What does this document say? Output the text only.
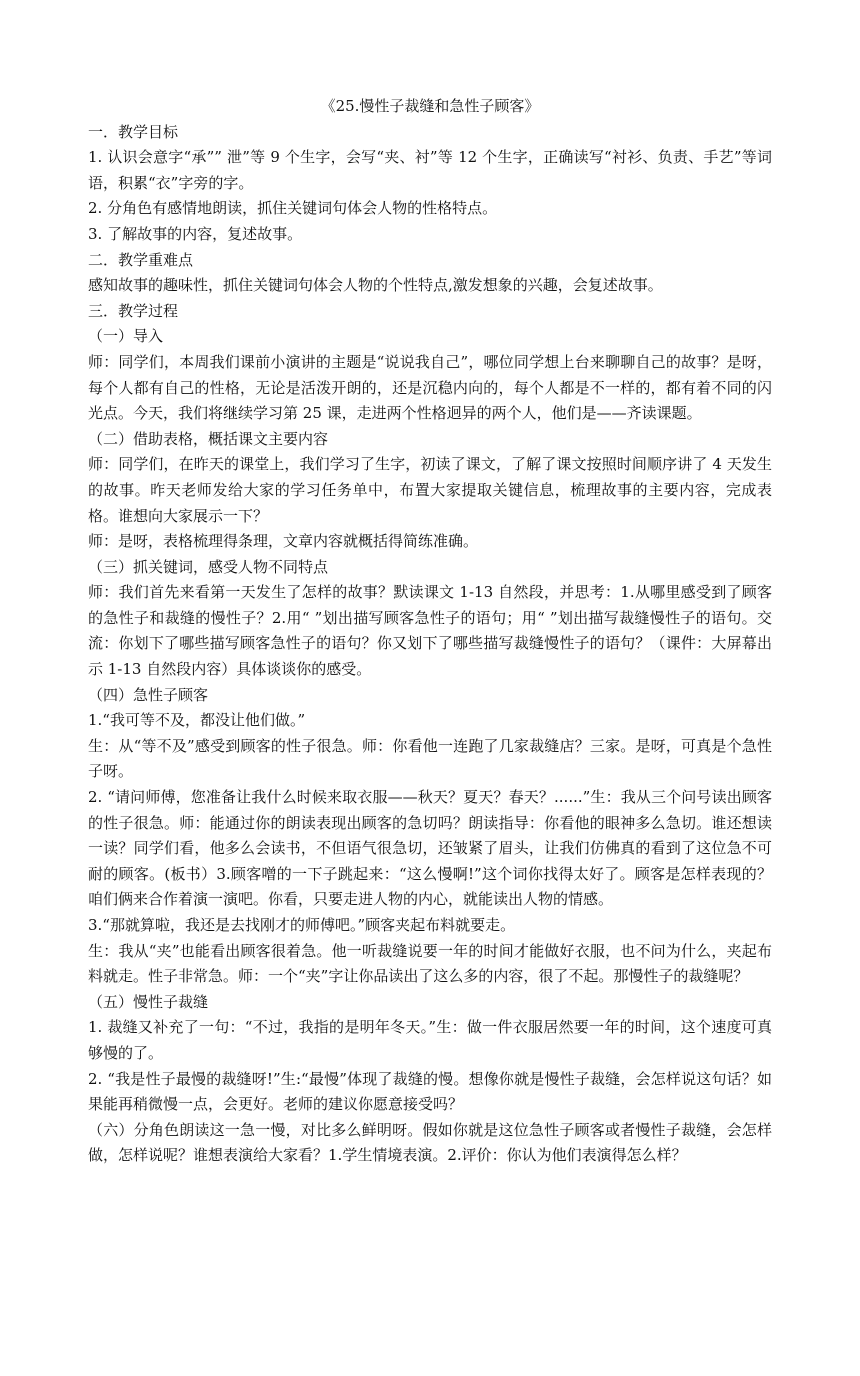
《25.慢性子裁缝和急性子顾客》

一．教学目标

1. 认识会意字“承”” 泄”等 9 个生字，会写“夹、衬”等 12 个生字，正确读写“衬衫、负责、手艺”等词语，积累“衣”字旁的字。

2. 分角色有感情地朗读，抓住关键词句体会人物的性格特点。

3. 了解故事的内容，复述故事。

二．教学重难点

感知故事的趣味性，抓住关键词句体会人物的个性特点,激发想象的兴趣，会复述故事。

三．教学过程

（一）导入

师：同学们，本周我们课前小演讲的主题是“说说我自己”，哪位同学想上台来聊聊自己的故事？是呀，每个人都有自己的性格，无论是活泼开朗的，还是沉稳内向的，每个人都是不一样的，都有着不同的闪光点。今天，我们将继续学习第 25 课，走进两个性格迥异的两个人，他们是——齐读课题。

（二）借助表格，概括课文主要内容

师：同学们，在昨天的课堂上，我们学习了生字，初读了课文，了解了课文按照时间顺序讲了 4 天发生的故事。昨天老师发给大家的学习任务单中，布置大家提取关键信息，梳理故事的主要内容，完成表格。谁想向大家展示一下？

师：是呀，表格梳理得条理，文章内容就概括得简练准确。

（三）抓关键词，感受人物不同特点

师：我们首先来看第一天发生了怎样的故事？默读课文 1-13 自然段，并思考：1.从哪里感受到了顾客的急性子和裁缝的慢性子？2.用“ ”划出描写顾客急性子的语句；用“ ”划出描写裁缝慢性子的语句。交流：你划下了哪些描写顾客急性子的语句？你又划下了哪些描写裁缝慢性子的语句？（课件：大屏幕出示 1-13 自然段内容）具体谈谈你的感受。

（四）急性子顾客

1.“我可等不及，都没让他们做。”

生：从“等不及”感受到顾客的性子很急。师：你看他一连跑了几家裁缝店？三家。是呀，可真是个急性子呀。

2. “请问师傅，您准备让我什么时候来取衣服——秋天？夏天？春天？......”生：我从三个问号读出顾客的性子很急。师：能通过你的朗读表现出顾客的急切吗？朗读指导：你看他的眼神多么急切。谁还想读一读？同学们看，他多么会读书，不但语气很急切，还皱紧了眉头，让我们仿佛真的看到了这位急不可耐的顾客。(板书）3.顾客噌的一下子跳起来：“这么慢啊!”这个词你找得太好了。顾客是怎样表现的？咱们俩来合作着演一演吧。你看，只要走进人物的内心，就能读出人物的情感。

3.“那就算啦，我还是去找刚才的师傅吧。”顾客夹起布料就要走。

生：我从“夹”也能看出顾客很着急。他一听裁缝说要一年的时间才能做好衣服，也不问为什么，夹起布料就走。性子非常急。师：一个“夹”字让你品读出了这么多的内容，很了不起。那慢性子的裁缝呢？

（五）慢性子裁缝

1. 裁缝又补充了一句：“不过，我指的是明年冬天。”生：做一件衣服居然要一年的时间，这个速度可真够慢的了。

2. “我是性子最慢的裁缝呀!”生:“最慢”体现了裁缝的慢。想像你就是慢性子裁缝，会怎样说这句话？如果能再稍微慢一点，会更好。老师的建议你愿意接受吗？

（六）分角色朗读这一急一慢，对比多么鲜明呀。假如你就是这位急性子顾客或者慢性子裁缝，会怎样做，怎样说呢？谁想表演给大家看？1.学生情境表演。2.评价：你认为他们表演得怎么样？
